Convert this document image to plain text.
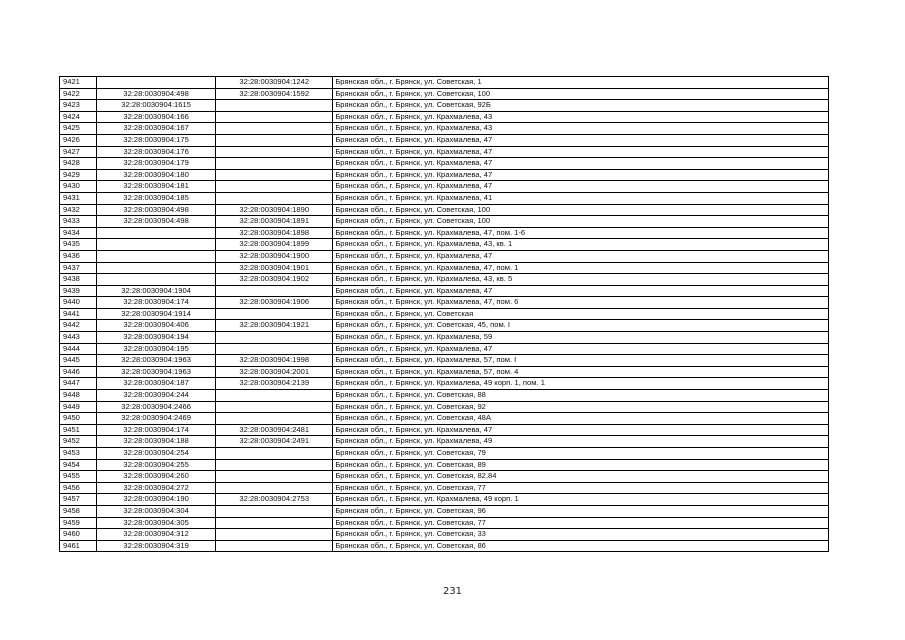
9421		32:28:0030904:1242	Брянская обл., г. Брянск, ул. Советская, 1
9422	32:28:0030904:498	32:28:0030904:1592	Брянская обл., г. Брянск, ул. Советская, 100
9423	32:28:0030904:1615		Брянская обл., г. Брянск, ул. Советская, 92Б
9424	32:28:0030904:166		Брянская обл., г. Брянск, ул. Крахмалева, 43
9425	32:28:0030904:167		Брянская обл., г. Брянск, ул. Крахмалева, 43
9426	32:28:0030904:175		Брянская обл., г. Брянск, ул. Крахмалева, 47
9427	32:28:0030904:176		Брянская обл., г. Брянск, ул. Крахмалева, 47
9428	32:28:0030904:179		Брянская обл., г. Брянск, ул. Крахмалева, 47
9429	32:28:0030904:180		Брянская обл., г. Брянск, ул. Крахмалева, 47
9430	32:28:0030904:181		Брянская обл., г. Брянск, ул. Крахмалева, 47
9431	32:28:0030904:185		Брянская обл., г. Брянск, ул. Крахмалева, 41
9432	32:28:0030904:498	32:28:0030904:1890	Брянская обл., г. Брянск, ул. Советская, 100
9433	32:28:0030904:498	32:28:0030904:1891	Брянская обл., г. Брянск, ул. Советская, 100
9434		32:28:0030904:1898	Брянская обл., г. Брянск, ул. Крахмалева, 47, пом. 1-6
9435		32:28:0030904:1899	Брянская обл., г. Брянск, ул. Крахмалева, 43, кв. 1
9436		32:28:0030904:1900	Брянская обл., г. Брянск, ул. Крахмалева, 47
9437		32:28:0030904:1901	Брянская обл., г. Брянск, ул. Крахмалева, 47, пом. 1
9438		32:28:0030904:1902	Брянская обл., г. Брянск, ул. Крахмалева, 43, кв. 5
9439	32:28:0030904:1904		Брянская обл., г. Брянск, ул. Крахмалева, 47
9440	32:28:0030904:174	32:28:0030904:1906	Брянская обл., г. Брянск, ул. Крахмалева, 47, пом. 6
9441	32:28:0030904:1914		Брянская обл., г. Брянск, ул. Советская
9442	32:28:0030904:406	32:28:0030904:1921	Брянская обл., г. Брянск, ул. Советская, 45, пом. I
9443	32:28:0030904:194		Брянская обл., г. Брянск, ул. Крахмалева, 59
9444	32:28:0030904:195		Брянская обл., г. Брянск, ул. Крахмалева, 47
9445	32:28:0030904:1963	32:28:0030904:1998	Брянская обл., г. Брянск, ул. Крахмалева, 57, пом. I
9446	32:28:0030904:1963	32:28:0030904:2001	Брянская обл., г. Брянск, ул. Крахмалева, 57, пом. 4
9447	32:28:0030904:187	32:28:0030904:2139	Брянская обл., г. Брянск, ул. Крахмалева, 49 корп. 1, пом. 1
9448	32:28:0030904:244		Брянская обл., г. Брянск, ул. Советская, 88
9449	32:28:0030904:2466		Брянская обл., г. Брянск, ул. Советская, 92
9450	32:28:0030904:2469		Брянская обл., г. Брянск, ул. Советская, 48А
9451	32:28:0030904:174	32:28:0030904:2481	Брянская обл., г. Брянск, ул. Крахмалева, 47
9452	32:28:0030904:188	32:28:0030904:2491	Брянская обл., г. Брянск, ул. Крахмалева, 49
9453	32:28:0030904:254		Брянская обл., г. Брянск, ул. Советская, 79
9454	32:28:0030904:255		Брянская обл., г. Брянск, ул. Советская, 89
9455	32:28:0030904:260		Брянская обл., г. Брянск, ул. Советская, 82,84
9456	32:28:0030904:272		Брянская обл., г. Брянск, ул. Советская, 77
9457	32:28:0030904:190	32:28:0030904:2753	Брянская обл., г. Брянск, ул. Крахмалева, 49 корп. 1
9458	32:28:0030904:304		Брянская обл., г. Брянск, ул. Советская, 96
9459	32:28:0030904:305		Брянская обл., г. Брянск, ул. Советская, 77
9460	32:28:0030904:312		Брянская обл., г. Брянск, ул. Советская, 33
9461	32:28:0030904:319		Брянская обл., г. Брянск, ул. Советская, 86
231
